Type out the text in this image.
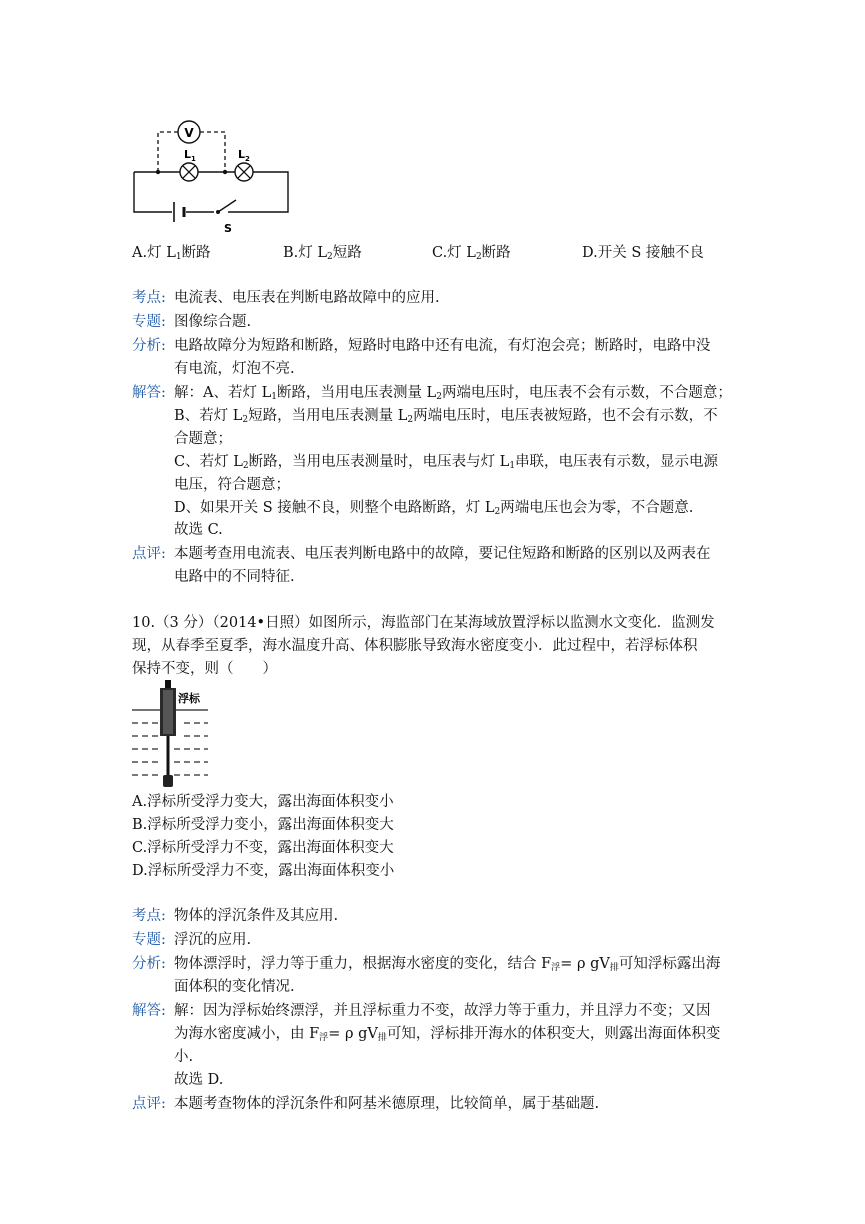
V
L 1	L 2
S
A.灯 $L_1$断路	B.灯 $L_2$短路	C.灯 $L_2$断路	D.开关 S 接触不良
考点: 电流表、电压表在判断电路故障中的应用.
专题: 图像综合题.
分析: 电路故障分为短路和断路，短路时电路中还有电流，有灯泡会亮；断路时，电路中没
有电流，灯泡不亮.
解答: 解：A、若灯 $L_1$断路，当用电压表测量 $L_2$两端电压时，电压表不会有示数，不合题意；
B、若灯 $L_2$短路，当用电压表测量 $L_2$两端电压时，电压表被短路，也不会有示数，不
合题意；
C、若灯 $L_2$断路，当用电压表测量时，电压表与灯 $L_1$串联，电压表有示数，显示电源
电压，符合题意；
D、如果开关 S 接触不良，则整个电路断路，灯 $L_2$两端电压也会为零，不合题意.
故选 C.
点评: 本题考查用电流表、电压表判断电路中的故障，要记住短路和断路的区别以及两表在
电路中的不同特征.
10.（3 分）（2014•日照）如图所示，海监部门在某海域放置浮标以监测水文变化．监测发
现，从春季至夏季，海水温度升高、体积膨胀导致海水密度变小．此过程中，若浮标体积
保持不变，则（　　）
浮标
A.浮标所受浮力变大，露出海面体积变小
B.浮标所受浮力变小，露出海面体积变大
C.浮标所受浮力不变，露出海面体积变大
D.浮标所受浮力不变，露出海面体积变小
考点: 物体的浮沉条件及其应用.
专题: 浮沉的应用.
分析: 物体漂浮时，浮力等于重力，根据海水密度的变化，结合 $F_浮= \rho$ $gV_排$可知浮标露出海
面体积的变化情况.
解答: 解：因为浮标始终漂浮，并且浮标重力不变，故浮力等于重力，并且浮力不变；又因
为海水密度减小，由 $F_浮= \rho$ $gV_排$可知，浮标排开海水的体积变大，则露出海面体积变
小.
故选 D.
点评: 本题考查物体的浮沉条件和阿基米德原理，比较简单，属于基础题.
